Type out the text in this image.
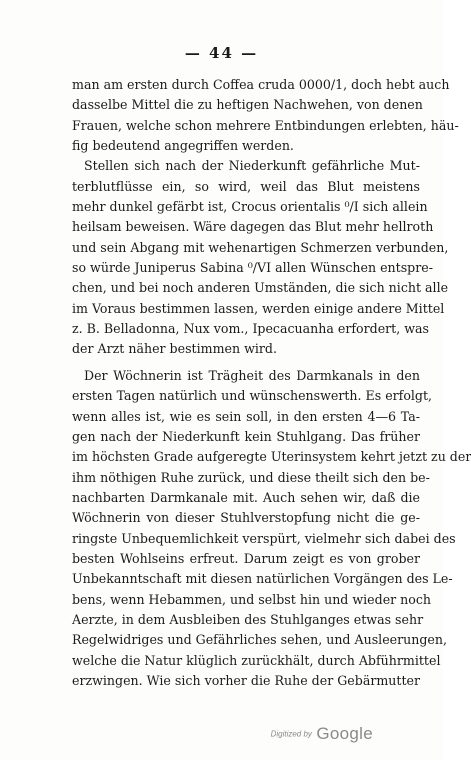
— 44 —
man am ersten durch Coffea cruda 0000/1, doch hebt auch
dasselbe Mittel die zu heftigen Nachwehen, von denen
Frauen, welche schon mehrere Entbindungen erlebten, häu-
fig bedeutend angegriffen werden.
Stellen sich nach der Niederkunft gefährliche Mut-
terblutflüsse ein, so wird, weil das Blut meistens
mehr dunkel gefärbt ist, Crocus orientalis ⁰/I sich allein
heilsam beweisen. Wäre dagegen das Blut mehr hellroth
und sein Abgang mit wehenartigen Schmerzen verbunden,
so würde Juniperus Sabina ⁰/VI allen Wünschen entspre-
chen, und bei noch anderen Umständen, die sich nicht alle
im Voraus bestimmen lassen, werden einige andere Mittel
z. B. Belladonna, Nux vom., Ipecacuanha erfordert, was
der Arzt näher bestimmen wird.
Der Wöchnerin ist Trägheit des Darmkanals in den
ersten Tagen natürlich und wünschenswerth. Es erfolgt,
wenn alles ist, wie es sein soll, in den ersten 4—6 Ta-
gen nach der Niederkunft kein Stuhlgang. Das früher
im höchsten Grade aufgeregte Uterinsystem kehrt jetzt zu der
ihm nöthigen Ruhe zurück, und diese theilt sich den be-
nachbarten Darmkanale mit. Auch sehen wir, daß die
Wöchnerin von dieser Stuhlverstopfung nicht die ge-
ringste Unbequemlichkeit verspürt, vielmehr sich dabei des
besten Wohlseins erfreut. Darum zeigt es von grober
Unbekanntschaft mit diesen natürlichen Vorgängen des Le-
bens, wenn Hebammen, und selbst hin und wieder noch
Aerzte, in dem Ausbleiben des Stuhlganges etwas sehr
Regelwidriges und Gefährliches sehen, und Ausleerungen,
welche die Natur klüglich zurückhält, durch Abführmittel
erzwingen. Wie sich vorher die Ruhe der Gebärmutter
Digitized by Google
